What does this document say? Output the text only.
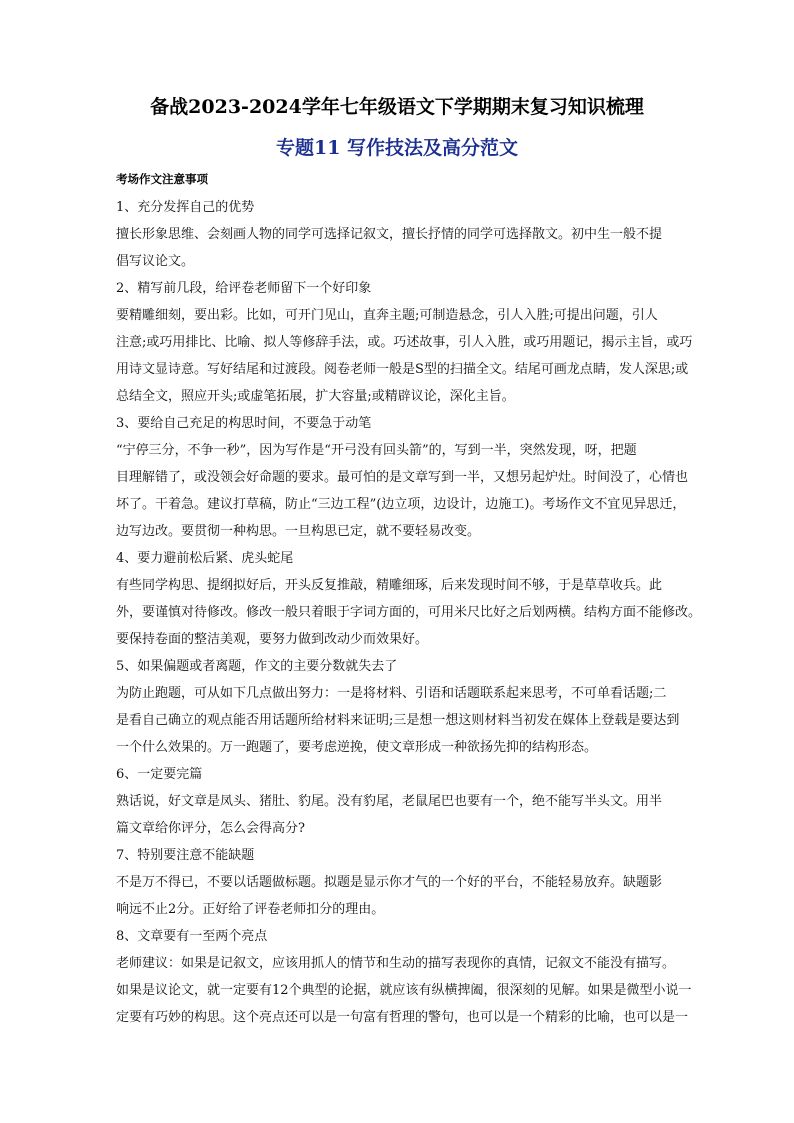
备战2023-2024学年七年级语文下学期期末复习知识梳理
专题11 写作技法及高分范文
考场作文注意事项
1、充分发挥自己的优势
擅长形象思维、会刻画人物的同学可选择记叙文，擅长抒情的同学可选择散文。初中生一般不提
倡写议论文。
2、精写前几段，给评卷老师留下一个好印象
要精雕细刻，要出彩。比如，可开门见山，直奔主题;可制造悬念，引人入胜;可提出问题，引人
注意;或巧用排比、比喻、拟人等修辞手法，或。巧述故事，引人入胜，或巧用题记，揭示主旨，或巧
用诗文显诗意。写好结尾和过渡段。阅卷老师一般是S型的扫描全文。结尾可画龙点睛，发人深思;或
总结全文，照应开头;或虚笔拓展，扩大容量;或精辟议论，深化主旨。
3、要给自己充足的构思时间，不要急于动笔
“宁停三分，不争一秒”，因为写作是“开弓没有回头箭”的，写到一半，突然发现，呀，把题
目理解错了，或没领会好命题的要求。最可怕的是文章写到一半，又想另起炉灶。时间没了，心情也
坏了。干着急。建议打草稿，防止“三边工程”(边立项，边设计，边施工)。考场作文不宜见异思迁，
边写边改。要贯彻一种构思。一旦构思已定，就不要轻易改变。
4、要力避前松后紧、虎头蛇尾
有些同学构思、提纲拟好后，开头反复推敲，精雕细琢，后来发现时间不够，于是草草收兵。此
外，要谨慎对待修改。修改一般只着眼于字词方面的，可用米尺比好之后划两横。结构方面不能修改。
要保持卷面的整洁美观，要努力做到改动少而效果好。
5、如果偏题或者离题，作文的主要分数就失去了
为防止跑题，可从如下几点做出努力：一是将材料、引语和话题联系起来思考，不可单看话题;二
是看自己确立的观点能否用话题所给材料来证明;三是想一想这则材料当初发在媒体上登载是要达到
一个什么效果的。万一跑题了，要考虑逆挽，使文章形成一种欲扬先抑的结构形态。
6、一定要完篇
熟话说，好文章是凤头、猪肚、豹尾。没有豹尾，老鼠尾巴也要有一个，绝不能写半头文。用半
篇文章给你评分，怎么会得高分?
7、特别要注意不能缺题
不是万不得已，不要以话题做标题。拟题是显示你才气的一个好的平台，不能轻易放弃。缺题影
响远不止2分。正好给了评卷老师扣分的理由。
8、文章要有一至两个亮点
老师建议：如果是记叙文，应该用抓人的情节和生动的描写表现你的真情，记叙文不能没有描写。
如果是议论文，就一定要有12个典型的论据，就应该有纵横捭阖，很深刻的见解。如果是微型小说一
定要有巧妙的构思。这个亮点还可以是一句富有哲理的警句，也可以是一个精彩的比喻，也可以是一
